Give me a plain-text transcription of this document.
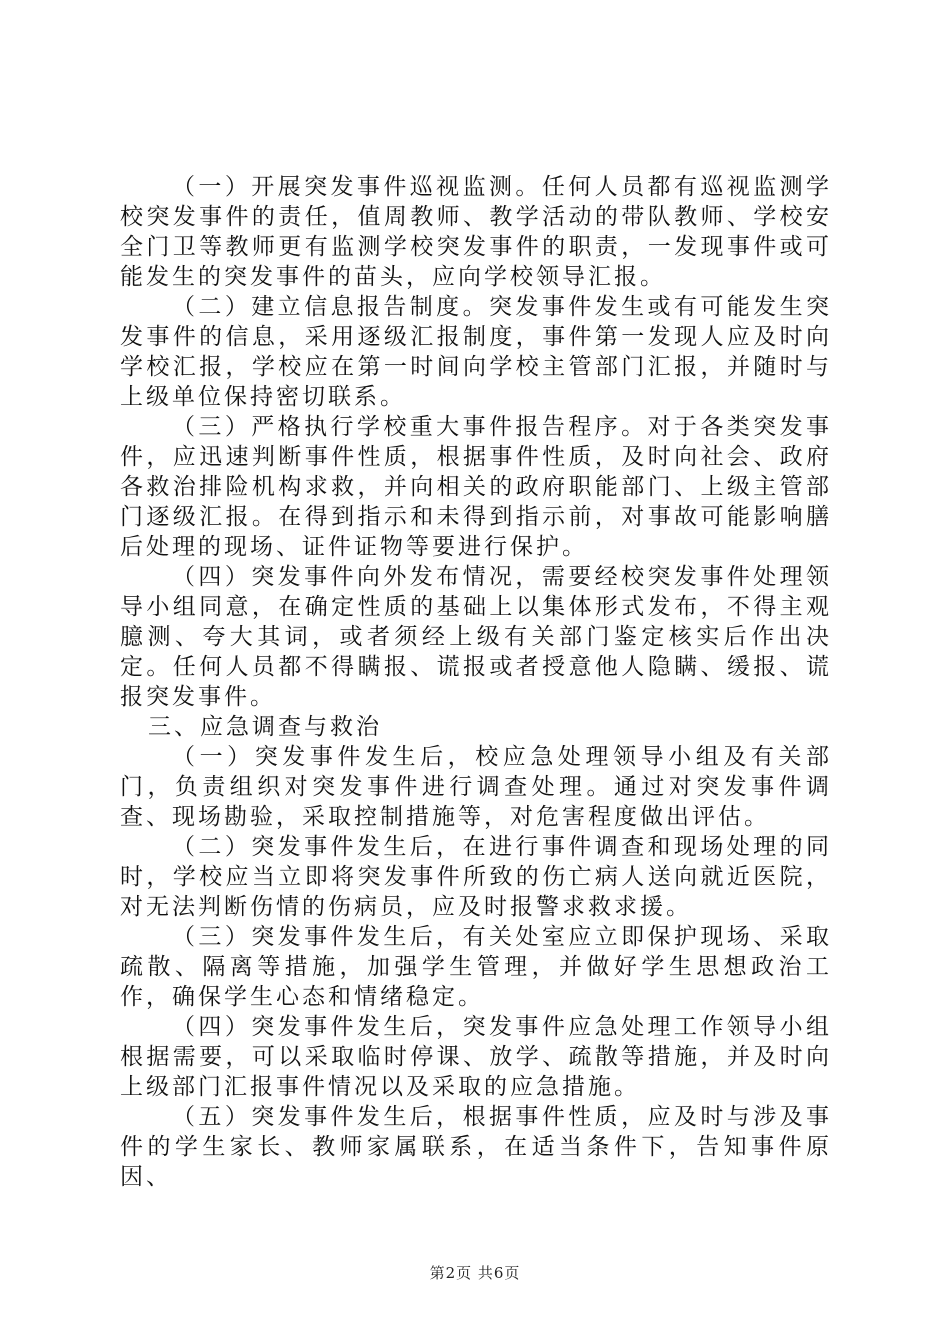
（一）开展突发事件巡视监测。任何人员都有巡视监测学校突发事件的责任，值周教师、教学活动的带队教师、学校安全门卫等教师更有监测学校突发事件的职责，一发现事件或可能发生的突发事件的苗头，应向学校领导汇报。

（二）建立信息报告制度。突发事件发生或有可能发生突发事件的信息，采用逐级汇报制度，事件第一发现人应及时向学校汇报，学校应在第一时间向学校主管部门汇报，并随时与上级单位保持密切联系。

（三）严格执行学校重大事件报告程序。对于各类突发事件，应迅速判断事件性质，根据事件性质，及时向社会、政府各救治排险机构求救，并向相关的政府职能部门、上级主管部门逐级汇报。在得到指示和未得到指示前，对事故可能影响膳后处理的现场、证件证物等要进行保护。

（四）突发事件向外发布情况，需要经校突发事件处理领导小组同意，在确定性质的基础上以集体形式发布，不得主观臆测、夸大其词，或者须经上级有关部门鉴定核实后作出决定。任何人员都不得瞒报、谎报或者授意他人隐瞒、缓报、谎报突发事件。

三、应急调查与救治

（一）突发事件发生后，校应急处理领导小组及有关部门，负责组织对突发事件进行调查处理。通过对突发事件调查、现场勘验，采取控制措施等，对危害程度做出评估。

（二）突发事件发生后，在进行事件调查和现场处理的同时，学校应当立即将突发事件所致的伤亡病人送向就近医院，对无法判断伤情的伤病员，应及时报警求救求援。

（三）突发事件发生后，有关处室应立即保护现场、采取疏散、隔离等措施，加强学生管理，并做好学生思想政治工作，确保学生心态和情绪稳定。

（四）突发事件发生后，突发事件应急处理工作领导小组根据需要，可以采取临时停课、放学、疏散等措施，并及时向上级部门汇报事件情况以及采取的应急措施。

（五）突发事件发生后，根据事件性质，应及时与涉及事件的学生家长、教师家属联系，在适当条件下，告知事件原因、

第2页 共6页
